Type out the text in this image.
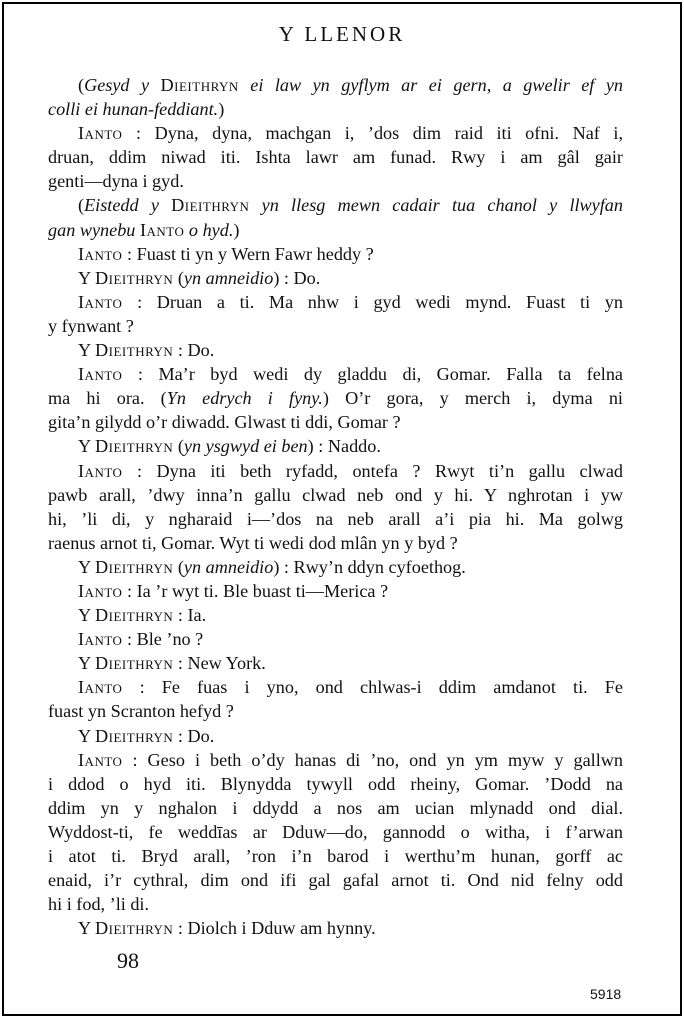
Y LLENOR
(Gesyd y Dieithryn ei law yn gyflym ar ei gern, a gwelir ef yn
colli ei hunan-feddiant.)
Ianto : Dyna, dyna, machgan i, ’dos dim raid iti ofni. Naf i,
druan, ddim niwad iti. Ishta lawr am funad. Rwy i am gâl gair
genti—dyna i gyd.
(Eistedd y Dieithryn yn llesg mewn cadair tua chanol y llwyfan
gan wynebu Ianto o hyd.)
Ianto : Fuast ti yn y Wern Fawr heddy ?
Y Dieithryn (yn amneidio) : Do.
Ianto : Druan a ti. Ma nhw i gyd wedi mynd. Fuast ti yn
y fynwant ?
Y Dieithryn : Do.
Ianto : Ma’r byd wedi dy gladdu di, Gomar. Falla ta felna
ma hi ora. (Yn edrych i fyny.) O’r gora, y merch i, dyma ni
gita’n gilydd o’r diwadd. Glwast ti ddi, Gomar ?
Y Dieithryn (yn ysgwyd ei ben) : Naddo.
Ianto : Dyna iti beth ryfadd, ontefa ? Rwyt ti’n gallu clwad
pawb arall, ’dwy inna’n gallu clwad neb ond y hi. Y nghrotan i yw
hi, ’li di, y ngharaid i—’dos na neb arall a’i pia hi. Ma golwg
raenus arnot ti, Gomar. Wyt ti wedi dod mlân yn y byd ?
Y Dieithryn (yn amneidio) : Rwy’n ddyn cyfoethog.
Ianto : Ia ’r wyt ti. Ble buast ti—Merica ?
Y Dieithryn : Ia.
Ianto : Ble ’no ?
Y Dieithryn : New York.
Ianto : Fe fuas i yno, ond chlwas-i ddim amdanot ti. Fe
fuast yn Scranton hefyd ?
Y Dieithryn : Do.
Ianto : Geso i beth o’dy hanas di ’no, ond yn ym myw y gallwn
i ddod o hyd iti. Blynydda tywyll odd rheiny, Gomar. ’Dodd na
ddim yn y nghalon i ddydd a nos am ucian mlynadd ond dial.
Wyddost-ti, fe weddīas ar Dduw—do, gannodd o witha, i f’arwan
i atot ti. Bryd arall, ’ron i’n barod i werthu’m hunan, gorff ac
enaid, i’r cythral, dim ond ifi gal gafal arnot ti. Ond nid felny odd
hi i fod, ’li di.
Y Dieithryn : Diolch i Dduw am hynny.
98
5918
